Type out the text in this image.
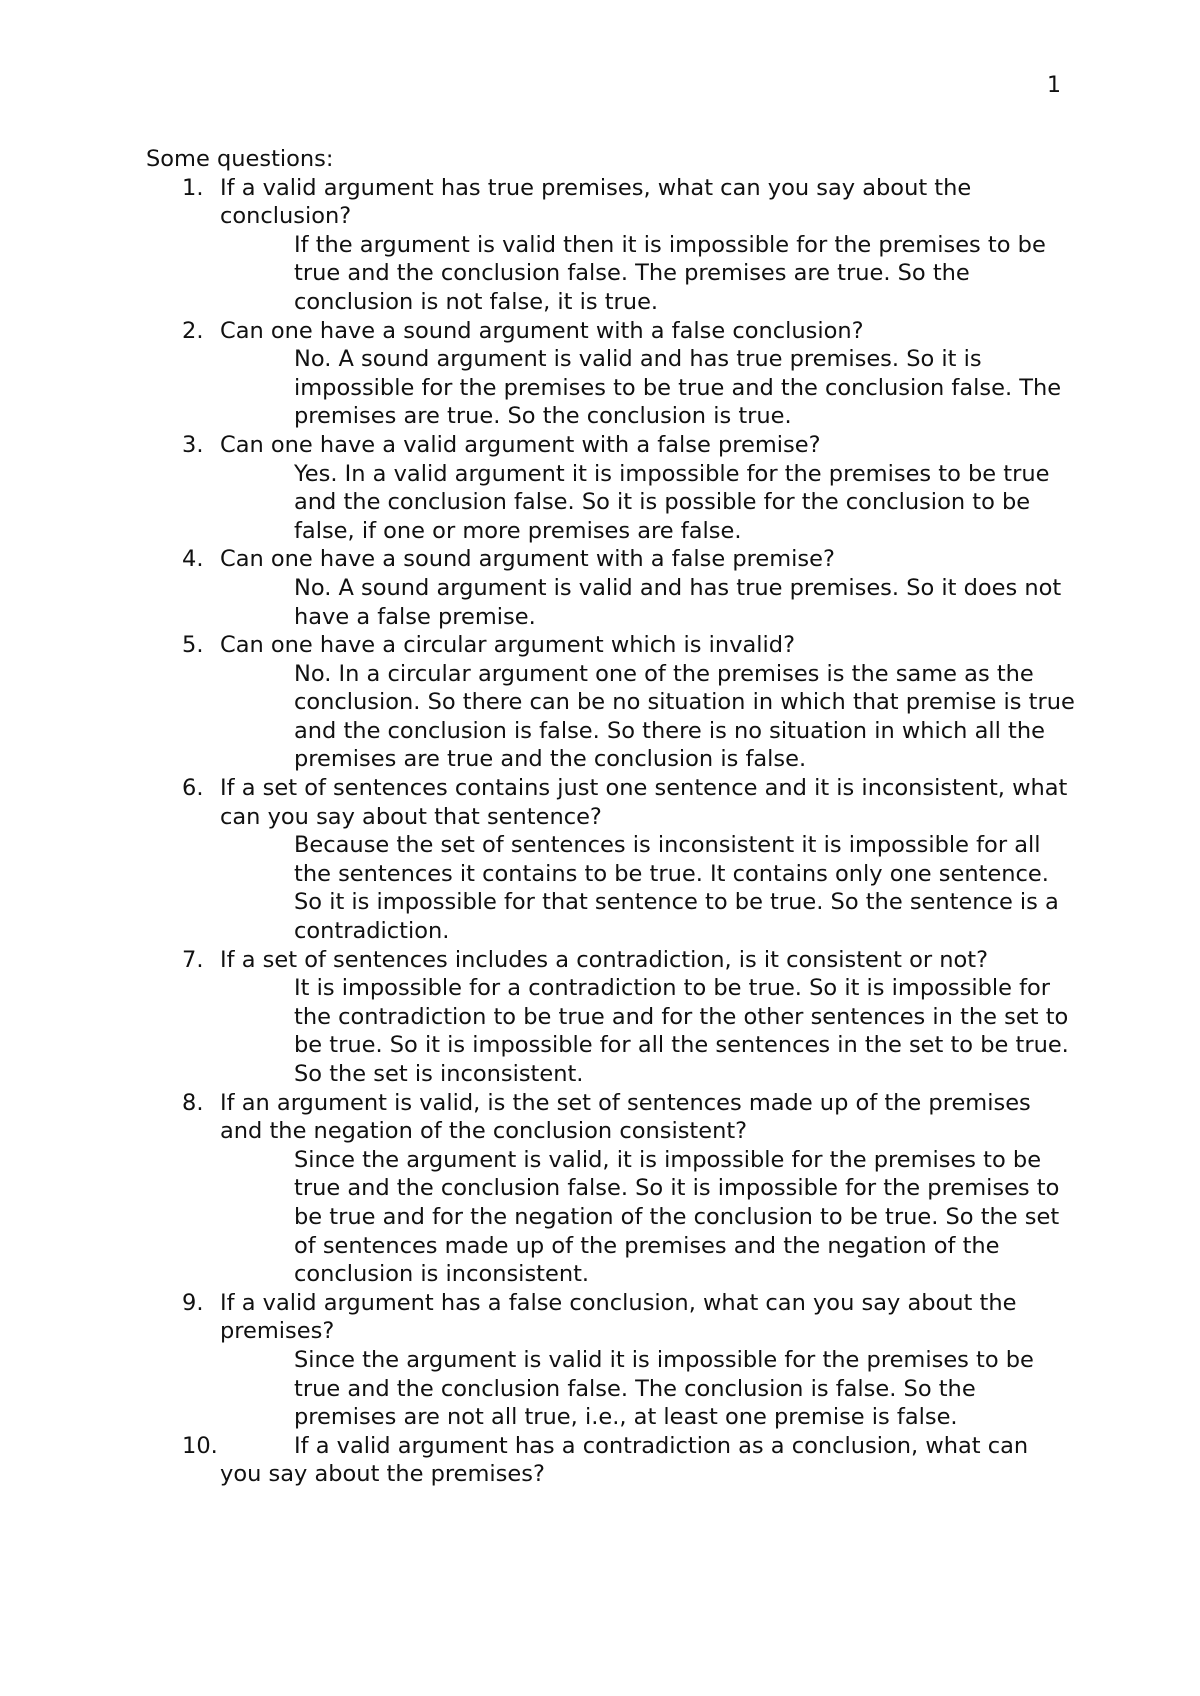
1

Some questions:

1. If a valid argument has true premises, what can you say about the conclusion?
If the argument is valid then it is impossible for the premises to be true and the conclusion false. The premises are true. So the conclusion is not false, it is true.
2. Can one have a sound argument with a false conclusion?
No. A sound argument is valid and has true premises. So it is impossible for the premises to be true and the conclusion false. The premises are true. So the conclusion is true.
3. Can one have a valid argument with a false premise?
Yes. In a valid argument it is impossible for the premises to be true and the conclusion false. So it is possible for the conclusion to be false, if one or more premises are false.
4. Can one have a sound argument with a false premise?
No. A sound argument is valid and has true premises. So it does not have a false premise.
5. Can one have a circular argument which is invalid?
No. In a circular argument one of the premises is the same as the conclusion. So there can be no situation in which that premise is true and the conclusion is false. So there is no situation in which all the premises are true and the conclusion is false.
6. If a set of sentences contains just one sentence and it is inconsistent, what can you say about that sentence?
Because the set of sentences is inconsistent it is impossible for all the sentences it contains to be true. It contains only one sentence. So it is impossible for that sentence to be true. So the sentence is a contradiction.
7. If a set of sentences includes a contradiction, is it consistent or not?
It is impossible for a contradiction to be true. So it is impossible for the contradiction to be true and for the other sentences in the set to be true. So it is impossible for all the sentences in the set to be true. So the set is inconsistent.
8. If an argument is valid, is the set of sentences made up of the premises and the negation of the conclusion consistent?
Since the argument is valid, it is impossible for the premises to be true and the conclusion false. So it is impossible for the premises to be true and for the negation of the conclusion to be true. So the set of sentences made up of the premises and the negation of the conclusion is inconsistent.
9. If a valid argument has a false conclusion, what can you say about the premises?
Since the argument is valid it is impossible for the premises to be true and the conclusion false. The conclusion is false. So the premises are not all true, i.e., at least one premise is false.
10.	If a valid argument has a contradiction as a conclusion, what can you say about the premises?
